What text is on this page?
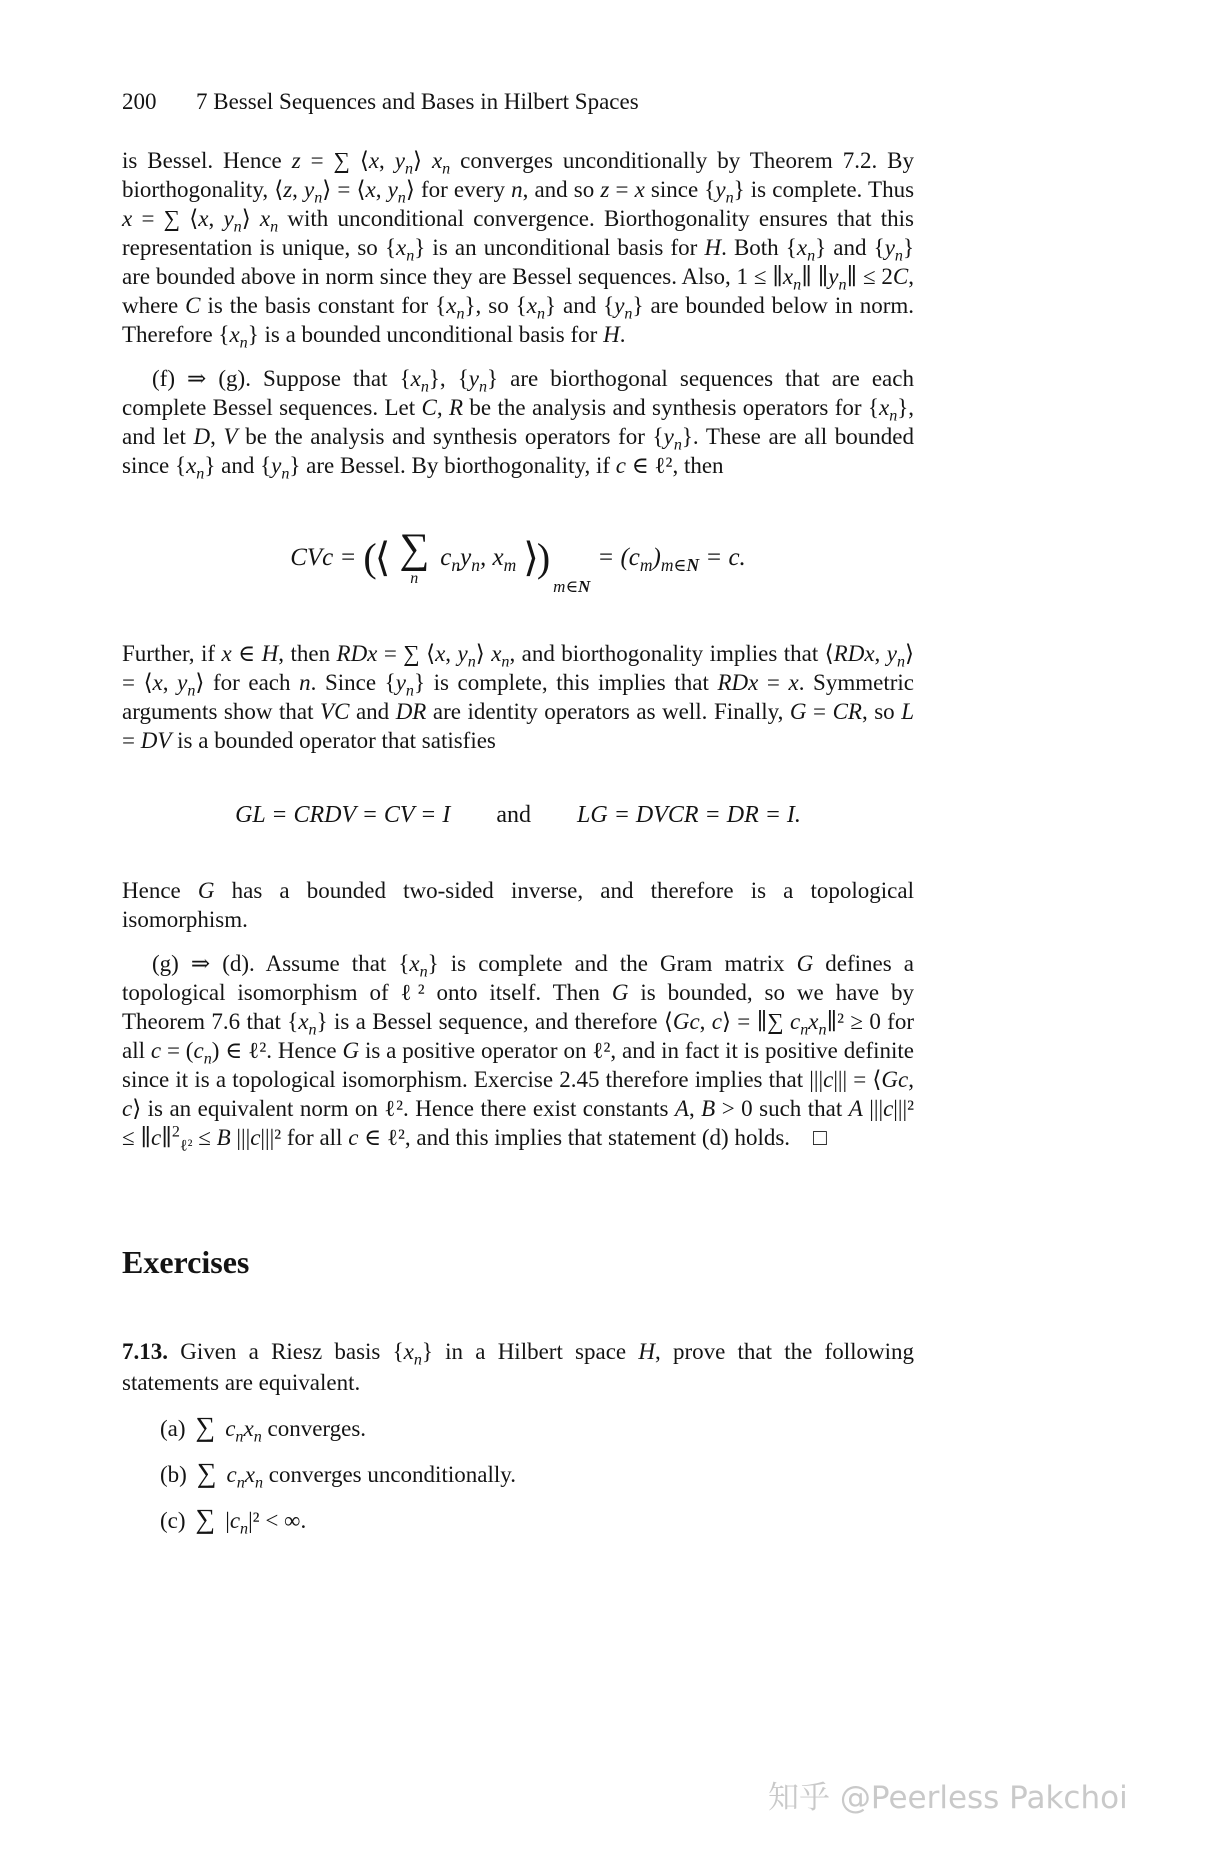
200	7 Bessel Sequences and Bases in Hilbert Spaces

is Bessel. Hence z = ∑ ⟨x, $y_n⟩$ $x_n$ converges unconditionally by Theorem 7.2. By biorthogonality, ⟨z, $y_n⟩$ = ⟨x, $y_n⟩$ for every n, and so z = x since $\{y_n\}$ is complete. Thus x = ∑ ⟨x, $y_n⟩$ $x_n$ with unconditional convergence. Biorthogonality ensures that this representation is unique, so $\{x_n\}$ is an unconditional basis for H. Both $\{x_n\}$ and $\{y_n\}$ are bounded above in norm since they are Bessel sequences. Also, $1 \le \parallel x_n\parallel$ $\parallel y_n\parallel \le 2C$, where C is the basis constant for $\{x_n\}$, so $\{x_n\}$ and $\{y_n\}$ are bounded below in norm. Therefore $\{x_n\}$ is a bounded unconditional basis for H.

(f) ⇒ (g). Suppose that $\{x_n\}$, $\{y_n\}$ are biorthogonal sequences that are each complete Bessel sequences. Let C, R be the analysis and synthesis operators for $\{x_n\}$, and let D, V be the analysis and synthesis operators for $\{y_n\}$. These are all bounded since $\{x_n\}$ and $\{y_n\}$ are Bessel. By biorthogonality, if c ∈ ℓ², then

CVc = (⟨ ∑
n
$c_ny_n$, $x_m$ ⟩)
m∈N
= $(c_m)_{m\in N} = c$.

Further, if x ∈ H, then RDx = ∑ ⟨x, $y_n⟩$ $x_n$, and biorthogonality implies that ⟨RDx, $y_n⟩$ = ⟨x, $y_n⟩$ for each n. Since $\{y_n\}$ is complete, this implies that RDx = x. Symmetric arguments show that VC and DR are identity operators as well. Finally, G = CR, so L = DV is a bounded operator that satisfies

GL = CRDV = CV = I and LG = DVCR = DR = I.

Hence G has a bounded two-sided inverse, and therefore is a topological isomorphism.

(g) ⇒ (d). Assume that $\{x_n\}$ is complete and the Gram matrix G defines a topological isomorphism of ℓ² onto itself. Then G is bounded, so we have by Theorem 7.6 that $\{x_n\}$ is a Bessel sequence, and therefore ⟨Gc, c⟩ = ∥∑ $c_nx_n\parallel^2 \ge 0$ for all $c = (c_n)$ ∈ ℓ². Hence G is a positive operator on ℓ², and in fact it is positive definite since it is a topological isomorphism. Exercise 2.45 therefore implies that |||c||| = ⟨Gc, c⟩ is an equivalent norm on ℓ². Hence there exist constants A, B > 0 such that A |||c|||² ≤ ∥c∥$^2_{\ell^2}$ ≤ B |||c|||² for all c ∈ ℓ², and this implies that statement (d) holds. □

Exercises
7.13. Given a Riesz basis $\{x_n\}$ in a Hilbert space H, prove that the following statements are equivalent.
(a) ∑ $c_nx_n$ converges.
(b) ∑ $c_nx_n$ converges unconditionally.
(c) ∑ $|c_n|^2$ < ∞.
知乎 @Peerless Pakchoi
